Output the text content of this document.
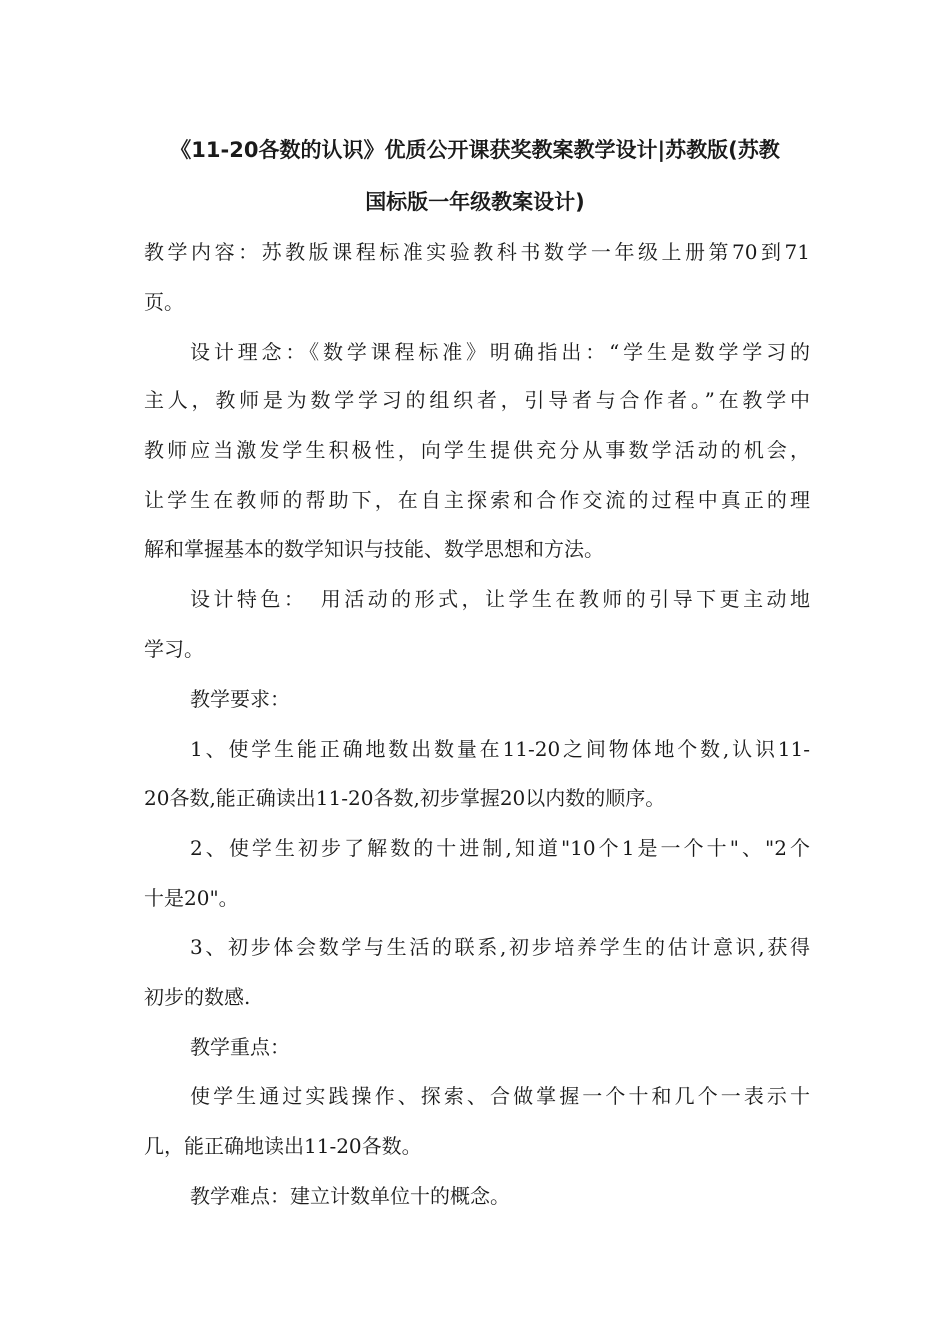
《11-20各数的认识》优质公开课获奖教案教学设计|苏教版(苏教
国标版一年级教案设计)
教学内容：苏教版课程标准实验教科书数学一年级上册第70到71
页。
设计理念：《数学课程标准》明确指出：“学生是数学学习的
主人，教师是为数学学习的组织者，引导者与合作者。”在教学中
教师应当激发学生积极性，向学生提供充分从事数学活动的机会，
让学生在教师的帮助下，在自主探索和合作交流的过程中真正的理
解和掌握基本的数学知识与技能、数学思想和方法。
设计特色：　用活动的形式，让学生在教师的引导下更主动地
学习。
教学要求：
1、使学生能正确地数出数量在11-20之间物体地个数,认识11-
20各数,能正确读出11-20各数,初步掌握20以内数的顺序。
2、使学生初步了解数的十进制,知道"10个1是一个十"、"2个
十是20"。
3、初步体会数学与生活的联系,初步培养学生的估计意识,获得
初步的数感.
教学重点：
使学生通过实践操作、探索、合做掌握一个十和几个一表示十
几，能正确地读出11-20各数。
教学难点：建立计数单位十的概念。
